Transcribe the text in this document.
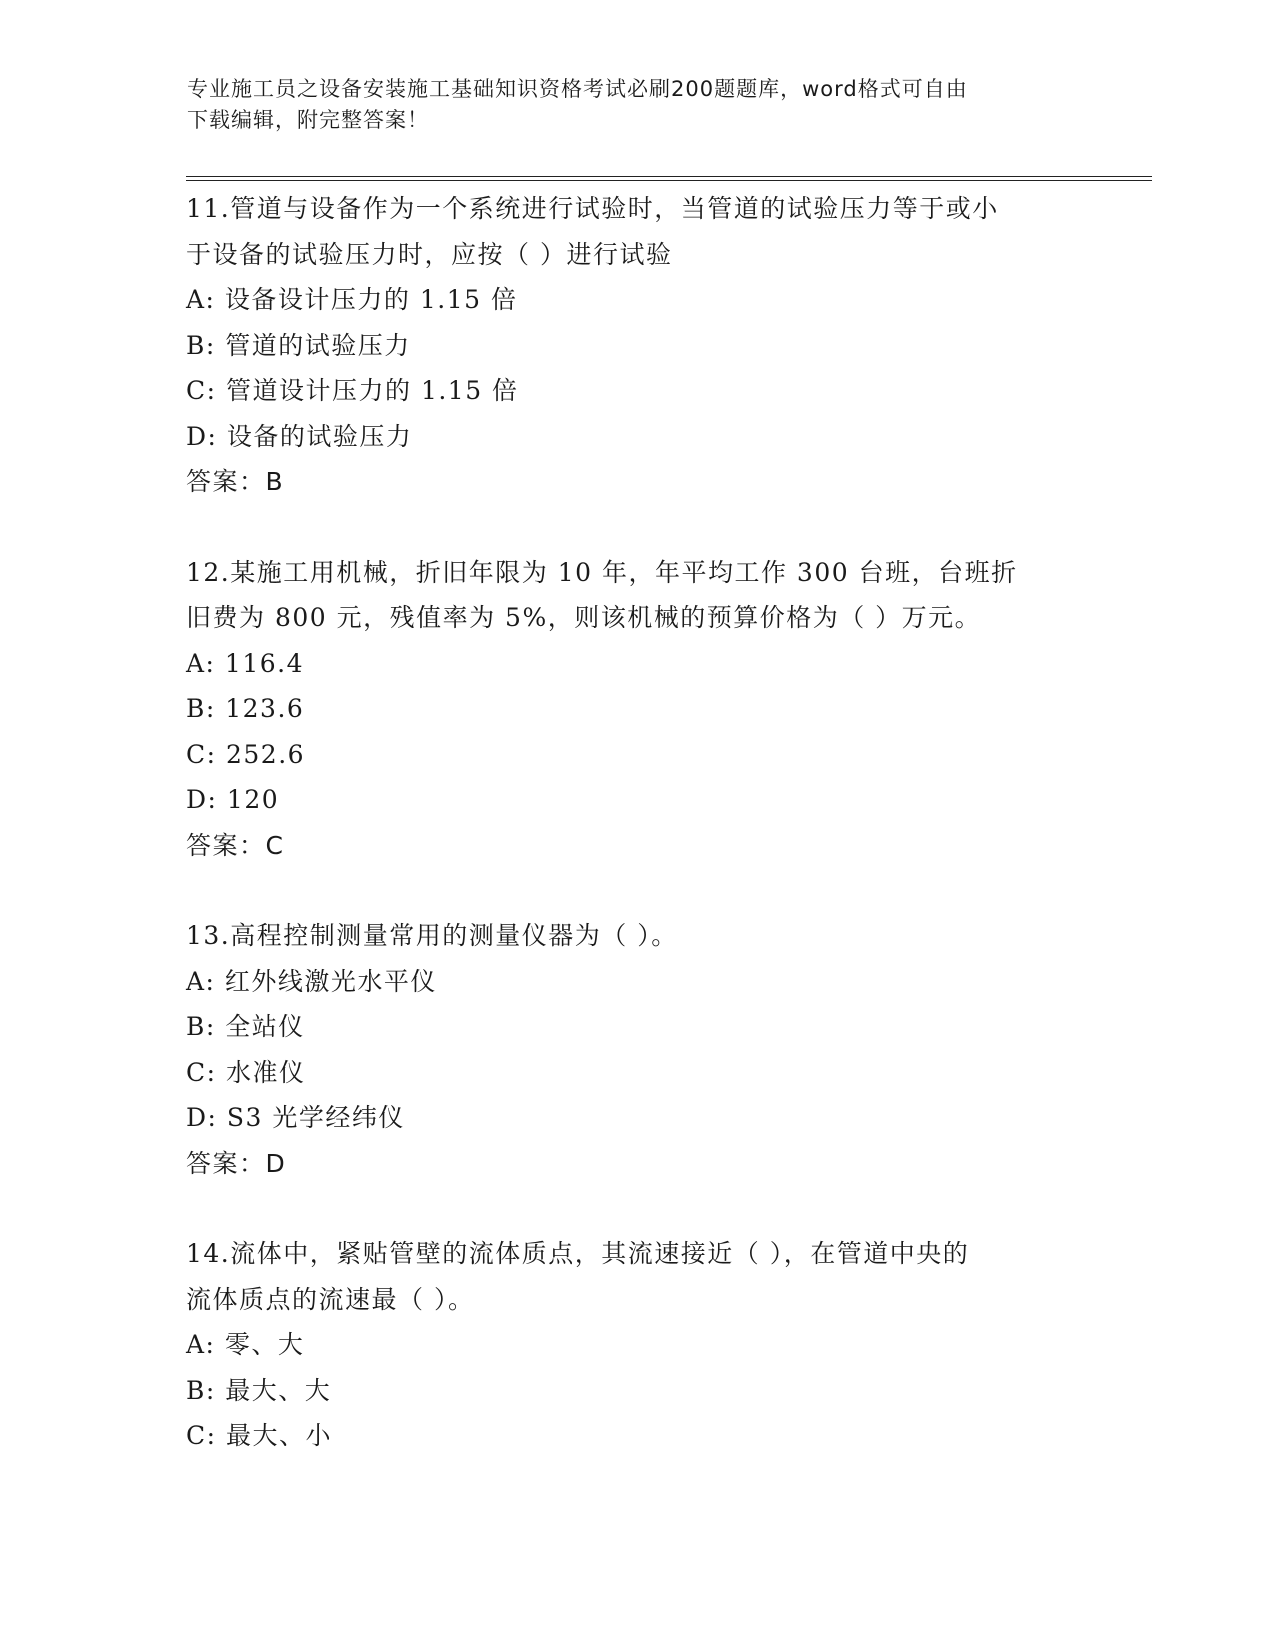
专业施工员之设备安装施工基础知识资格考试必刷200题题库，word格式可自由
下载编辑，附完整答案！
11.管道与设备作为一个系统进行试验时，当管道的试验压力等于或小
于设备的试验压力时，应按（ ）进行试验
A: 设备设计压力的 1.15 倍
B: 管道的试验压力
C: 管道设计压力的 1.15 倍
D: 设备的试验压力
答案：B
12.某施工用机械，折旧年限为 10 年，年平均工作 300 台班，台班折
旧费为 800 元，残值率为 5%，则该机械的预算价格为（ ）万元。
A: 116.4
B: 123.6
C: 252.6
D: 120
答案：C
13.高程控制测量常用的测量仪器为（ ）。
A: 红外线激光水平仪
B: 全站仪
C: 水准仪
D: S3 光学经纬仪
答案：D
14.流体中，紧贴管壁的流体质点，其流速接近（ ），在管道中央的
流体质点的流速最（ ）。
A: 零、大
B: 最大、大
C: 最大、小
